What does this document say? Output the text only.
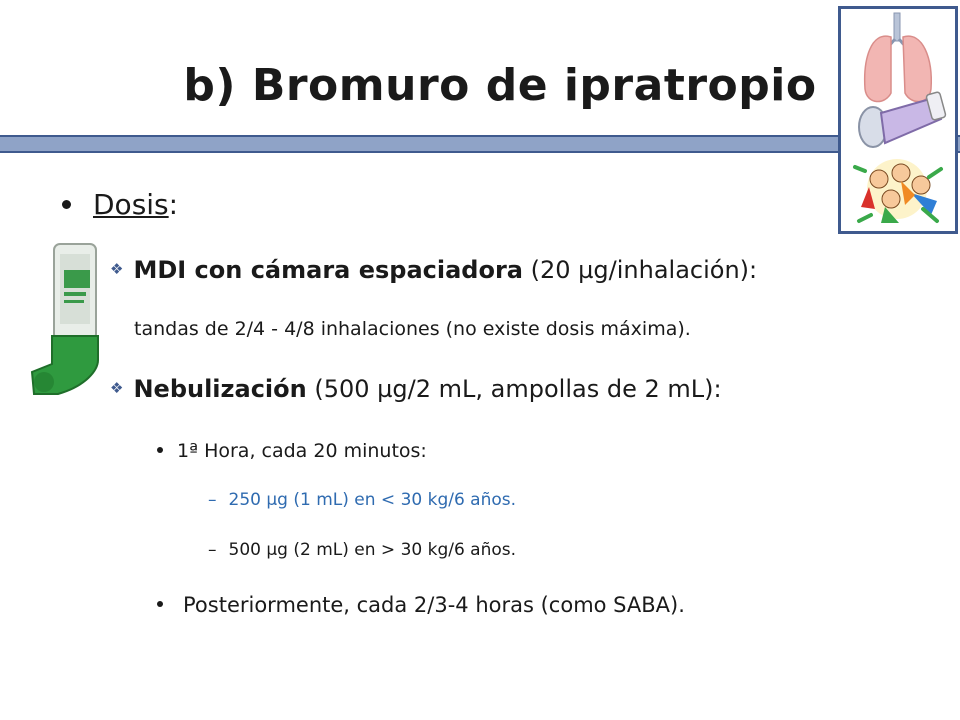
b) Bromuro de ipratropio
Dosis:
❖ MDI con cámara espaciadora (20 µg/inhalación):
tandas de 2/4 - 4/8 inhalaciones (no existe dosis máxima).
❖ Nebulización (500 µg/2 mL, ampollas de 2 mL):
1ª Hora, cada 20 minutos:
– 250 µg (1 mL) en < 30 kg/6 años.
– 500 µg (2 mL) en > 30 kg/6 años.
Posteriormente, cada 2/3-4 horas (como SABA).
